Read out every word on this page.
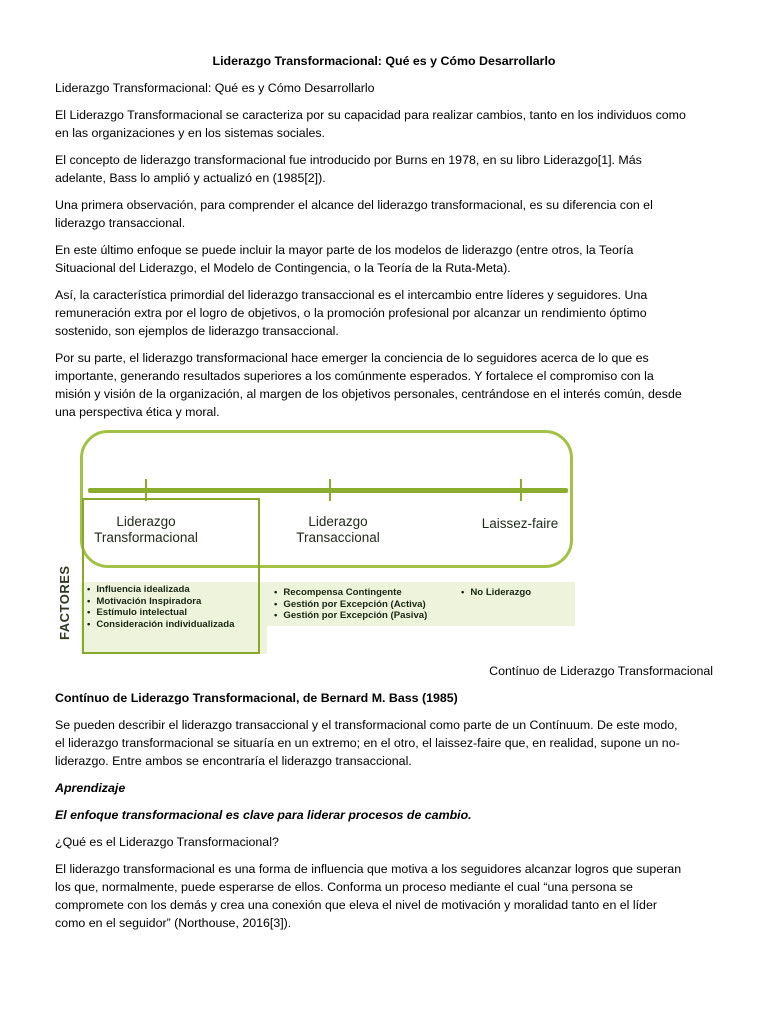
Liderazgo Transformacional: Qué es y Cómo Desarrollarlo
Liderazgo Transformacional: Qué es y Cómo Desarrollarlo
El Liderazgo Transformacional se caracteriza por su capacidad para realizar cambios, tanto en los individuos como
en las organizaciones y en los sistemas sociales.
El concepto de liderazgo transformacional fue introducido por Burns en 1978, en su libro Liderazgo[1]. Más
adelante, Bass lo amplió y actualizó en (1985[2]).
Una primera observación, para comprender el alcance del liderazgo transformacional, es su diferencia con el
liderazgo transaccional.
En este último enfoque se puede incluir la mayor parte de los modelos de liderazgo (entre otros, la Teoría
Situacional del Liderazgo, el Modelo de Contingencia, o la Teoría de la Ruta-Meta).
Así, la característica primordial del liderazgo transaccional es el intercambio entre líderes y seguidores. Una
remuneración extra por el logro de objetivos, o la promoción profesional por alcanzar un rendimiento óptimo
sostenido, son ejemplos de liderazgo transaccional.
Por su parte, el liderazgo transformacional hace emerger la conciencia de lo seguidores acerca de lo que es
importante, generando resultados superiores a los comúnmente esperados. Y fortalece el compromiso con la
misión y visión de la organización, al margen de los objetivos personales, centrándose en el interés común, desde
una perspectiva ética y moral.
Liderazgo
Transformacional
Liderazgo
Transaccional
Laissez-faire
FACTORES
•	Influencia idealizada
• Motivación Inspiradora
• Estímulo intelectual
• Consideración individualizada
• Recompensa Contingente
• Gestión por Excepción (Activa)
• Gestión por Excepción (Pasiva)
• No Liderazgo
Contínuo de Liderazgo Transformacional
Contínuo de Liderazgo Transformacional, de Bernard M. Bass (1985)
Se pueden describir el liderazgo transaccional y el transformacional como parte de un Contínuum. De este modo,
el liderazgo transformacional se situaría en un extremo; en el otro, el laissez-faire que, en realidad, supone un no-
liderazgo. Entre ambos se encontraría el liderazgo transaccional.
Aprendizaje
El enfoque transformacional es clave para liderar procesos de cambio.
¿Qué es el Liderazgo Transformacional?
El liderazgo transformacional es una forma de influencia que motiva a los seguidores alcanzar logros que superan
los que, normalmente, puede esperarse de ellos. Conforma un proceso mediante el cual “una persona se
compromete con los demás y crea una conexión que eleva el nivel de motivación y moralidad tanto en el líder
como en el seguidor” (Northouse, 2016[3]).
